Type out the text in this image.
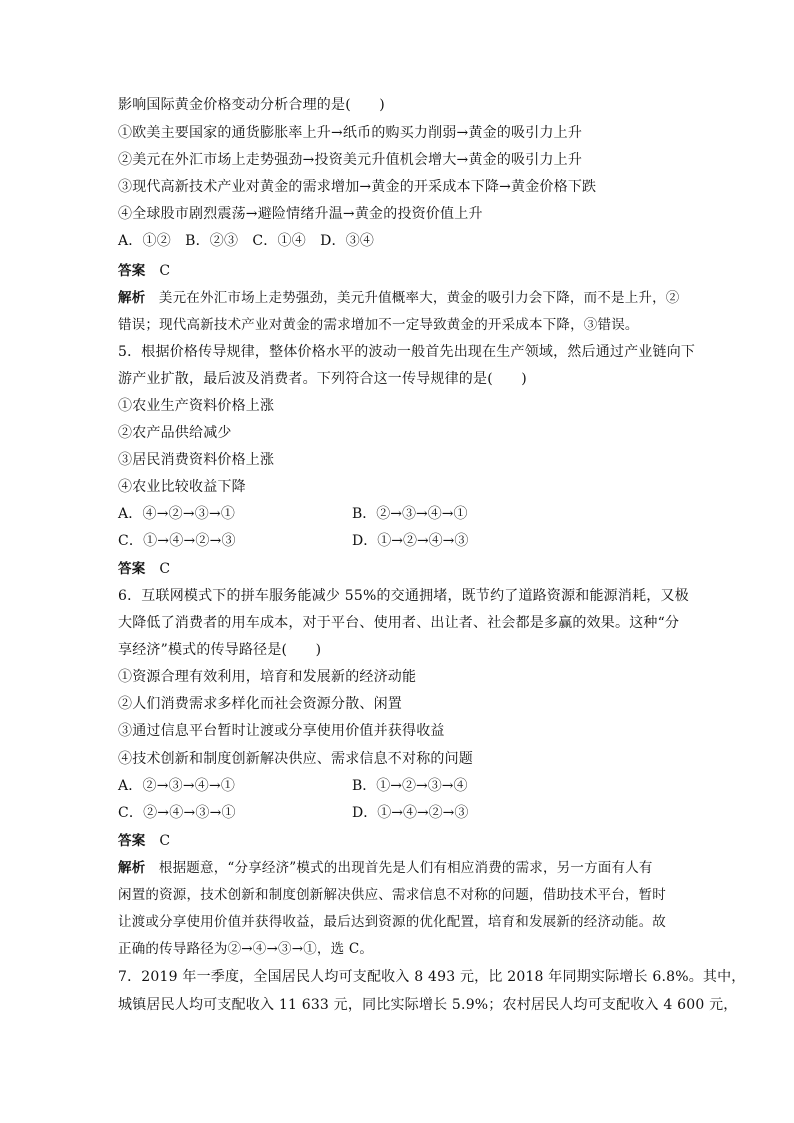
影响国际黄金价格变动分析合理的是(　　)
①欧美主要国家的通货膨胀率上升→纸币的购买力削弱→黄金的吸引力上升
②美元在外汇市场上走势强劲→投资美元升值机会增大→黄金的吸引力上升
③现代高新技术产业对黄金的需求增加→黄金的开采成本下降→黄金价格下跌
④全球股市剧烈震荡→避险情绪升温→黄金的投资价值上升
A．①②　B．②③　C．①④　D．③④
答案 C
解析 美元在外汇市场上走势强劲，美元升值概率大，黄金的吸引力会下降，而不是上升，②
错误；现代高新技术产业对黄金的需求增加不一定导致黄金的开采成本下降，③错误。
5．根据价格传导规律，整体价格水平的波动一般首先出现在生产领域，然后通过产业链向下
游产业扩散，最后波及消费者。下列符合这一传导规律的是(　　)
①农业生产资料价格上涨
②农产品供给减少
③居民消费资料价格上涨
④农业比较收益下降
A．④→②→③→①	B．②→③→④→①
C．①→④→②→③	D．①→②→④→③
答案 C
6．互联网模式下的拼车服务能减少 55%的交通拥堵，既节约了道路资源和能源消耗，又极
大降低了消费者的用车成本，对于平台、使用者、出让者、社会都是多赢的效果。这种“分
享经济”模式的传导路径是(　　)
①资源合理有效利用，培育和发展新的经济动能
②人们消费需求多样化而社会资源分散、闲置
③通过信息平台暂时让渡或分享使用价值并获得收益
④技术创新和制度创新解决供应、需求信息不对称的问题
A．②→③→④→①	B．①→②→③→④
C．②→④→③→①	D．①→④→②→③
答案 C
解析 根据题意，“分享经济”模式的出现首先是人们有相应消费的需求，另一方面有人有
闲置的资源，技术创新和制度创新解决供应、需求信息不对称的问题，借助技术平台，暂时
让渡或分享使用价值并获得收益，最后达到资源的优化配置，培育和发展新的经济动能。故
正确的传导路径为②→④→③→①，选 C。
7．2019 年一季度，全国居民人均可支配收入 8 493 元，比 2018 年同期实际增长 6.8%。其中，
城镇居民人均可支配收入 11 633 元，同比实际增长 5.9%；农村居民人均可支配收入 4 600 元，
